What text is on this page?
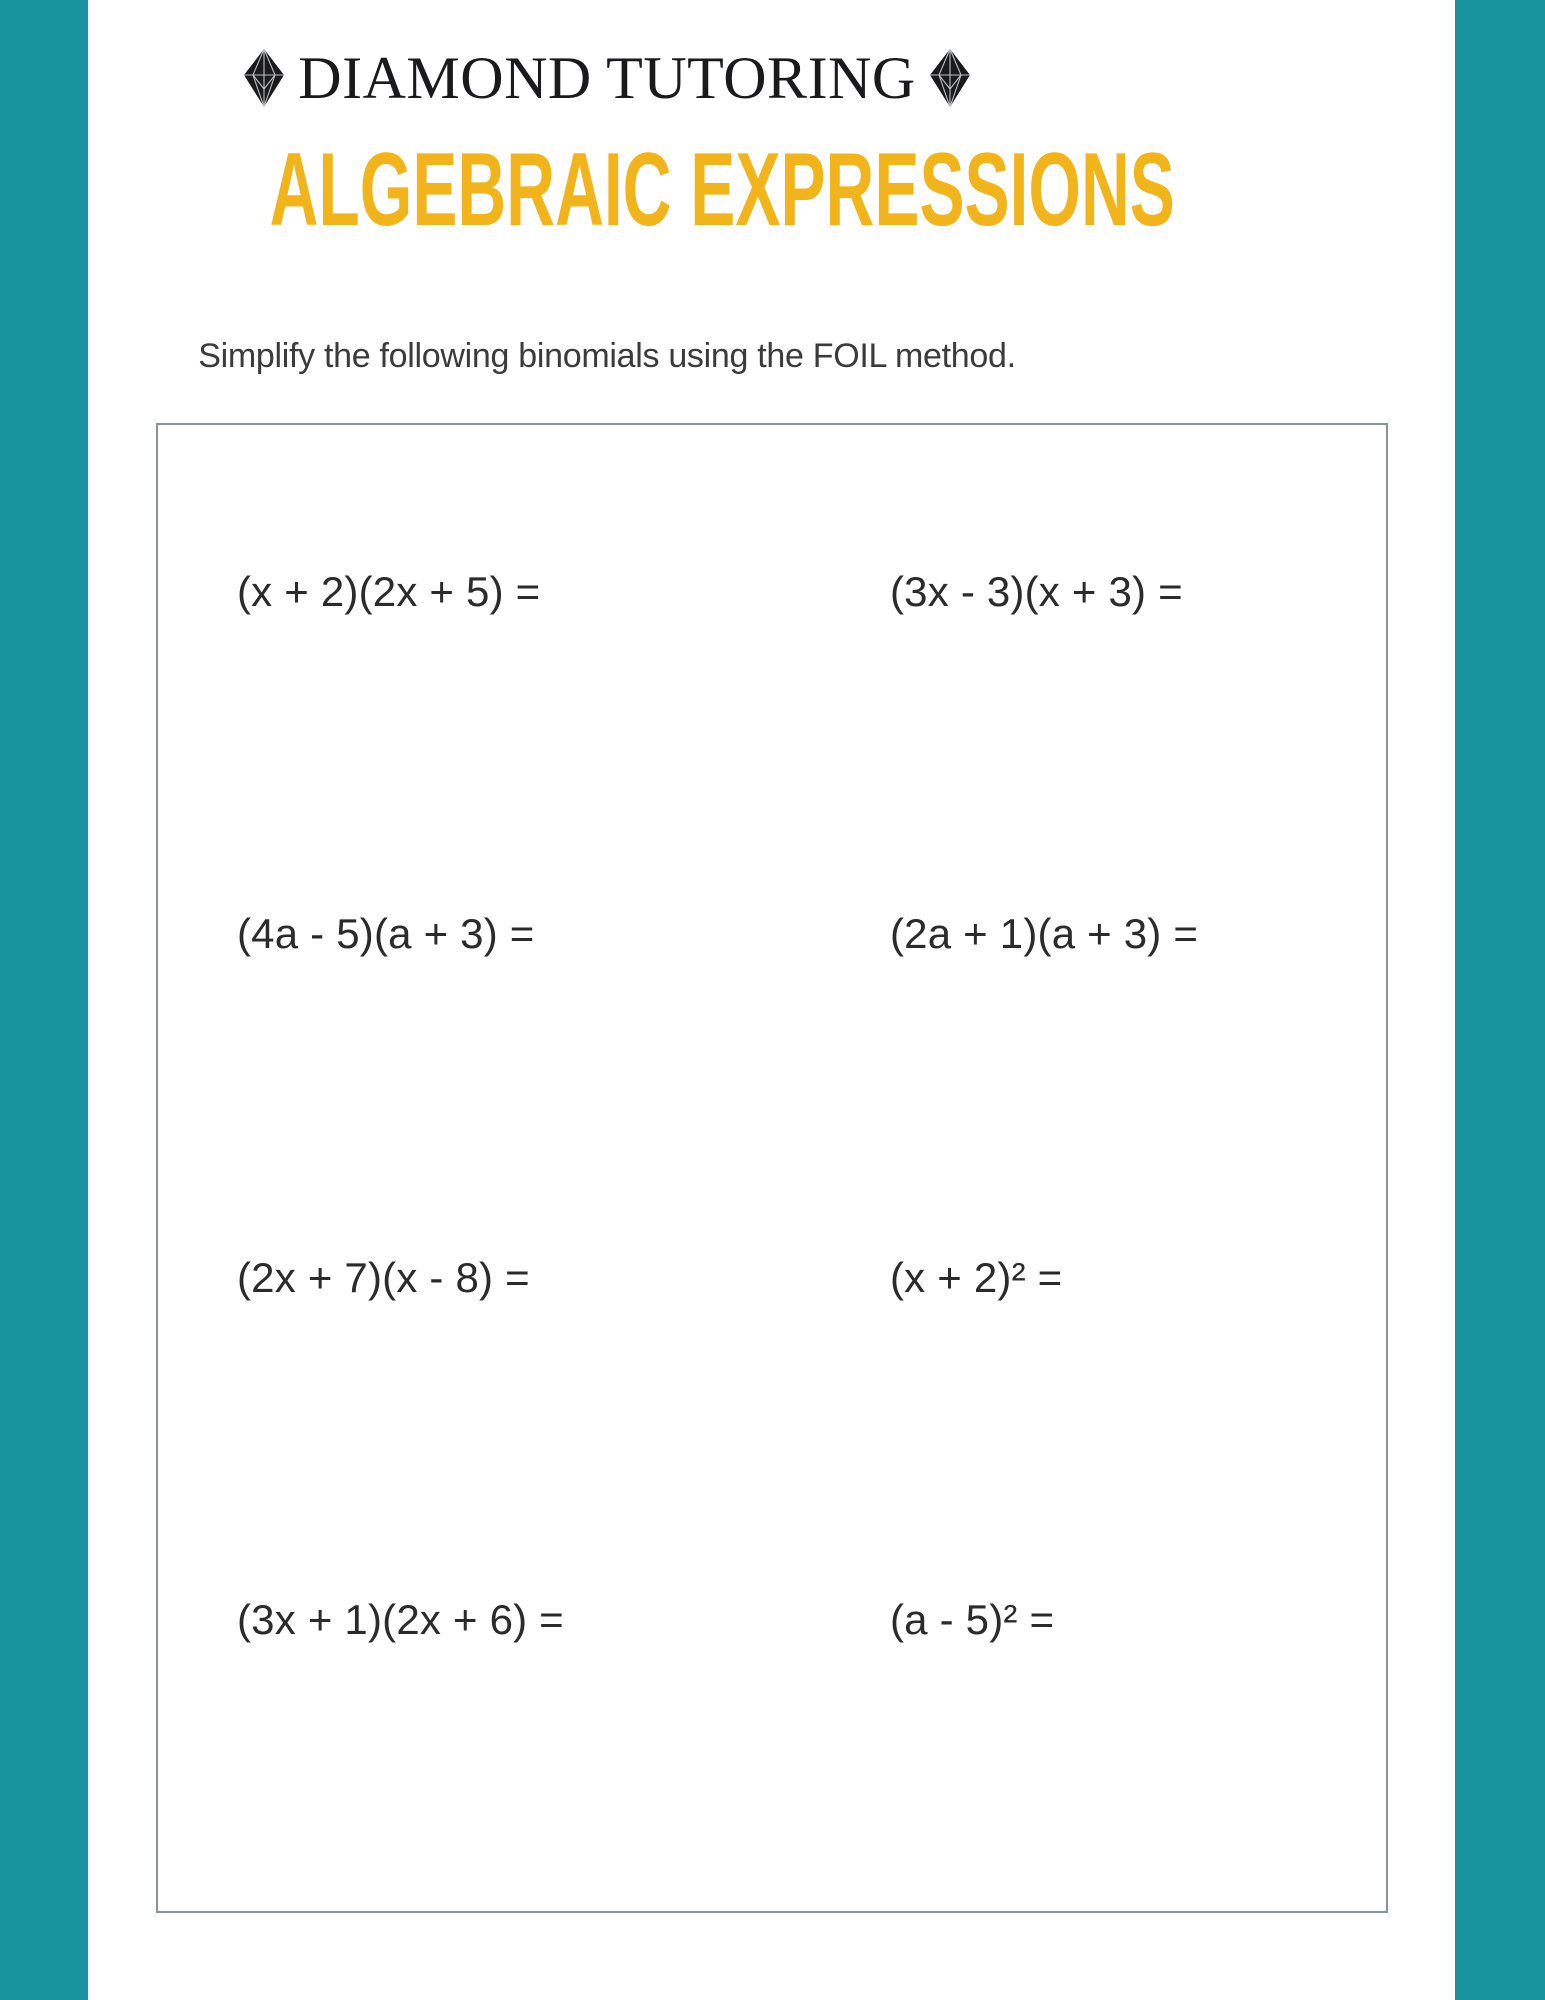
DIAMOND TUTORING
ALGEBRAIC EXPRESSIONS
Simplify the following binomials using the FOIL method.
(x + 2)(2x + 5) =	(3x - 3)(x + 3) =
(4a - 5)(a + 3) =	(2a + 1)(a + 3) =
(2x + 7)(x - 8) =	(x + 2)² =
(3x + 1)(2x + 6) =	(a - 5)² =
